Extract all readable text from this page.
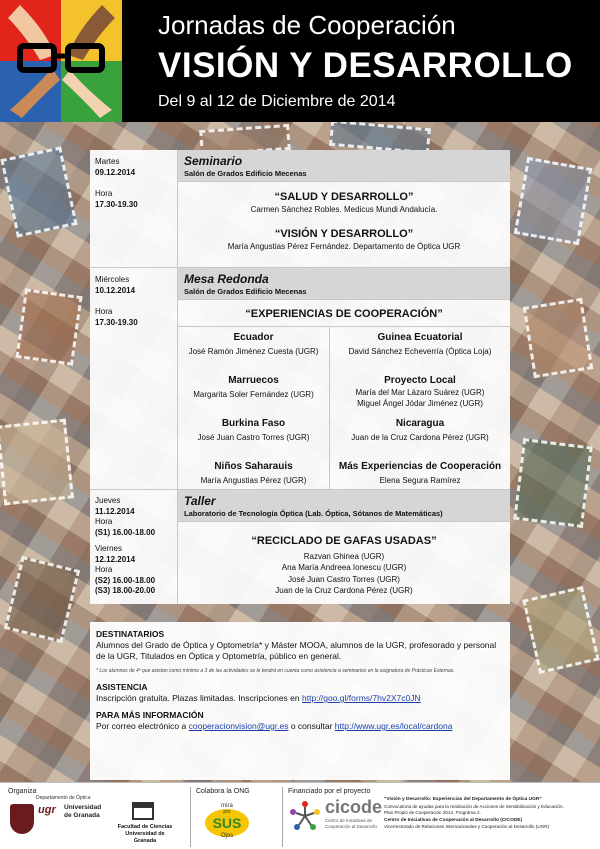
Jornadas de Cooperación
VISIÓN Y DESARROLLO
Del 9 al 12 de Diciembre de 2014
Martes
09.12.2014
Hora
17.30-19.30
Seminario
Salón de Grados Edificio Mecenas
“SALUD Y DESARROLLO”
Carmen Sánchez Robles. Medicus Mundi Andalucía.
“VISIÓN Y DESARROLLO”
María Angustias Pérez Fernández. Departamento de Óptica UGR
Miércoles
10.12.2014
Hora
17.30-19.30
Mesa Redonda
Salón de Grados Edificio Mecenas
“EXPERIENCIAS DE COOPERACIÓN”
Ecuador
José Ramón Jiménez Cuesta (UGR)
Guinea Ecuatorial
David Sánchez Echeverría (Óptica Loja)
Marruecos
Margarita Soler Fernández (UGR)
Proyecto Local
María del Mar Lázaro Suárez (UGR)
Miguel Ángel Jódar Jiménez (UGR)
Burkina Faso
José Juan Castro Torres (UGR)
Nicaragua
Juan de la Cruz Cardona Pérez (UGR)
Niños Saharauis
María Angustias Pérez (UGR)
Más Experiencias de Cooperación
Elena Segura Ramírez
Jueves
11.12.2014
Hora
(S1) 16.00-18.00
Viernes
12.12.2014
Hora
(S2) 16.00-18.00
(S3) 18.00-20.00
Taller
Laboratorio de Tecnología Óptica (Lab. Óptica, Sótanos de Matemáticas)
“RECICLADO DE GAFAS USADAS”
Razvan Ghinea (UGR)
Ana María Andreea Ionescu (UGR)
José Juan Castro Torres (UGR)
Juan de la Cruz Cardona Pérez (UGR)
DESTINATARIOS
Alumnos del Grado de Óptica y Optometría* y Máster MOOA, alumnos de la UGR, profesorado y personal de la UGR, Titulados en Óptica y Optometría, público en general.
* Los alumnos de 4º que asistan como mínimo a 3 de las actividades se le tendrá en cuenta como asistencia a seminarios en la asignatura de Prácticas Externas.
ASISTENCIA
Inscripción gratuita. Plazas limitadas. Inscripciones en http://goo.gl/forms/7hv2X7c0JN
PARA MÁS INFORMACIÓN
Por correo electrónico a cooperacionvision@ugr.es o consultar http://www.ugr.es/local/cardona
Organiza	Colabora la ONG	Financiado por el proyecto
Departamento de Óptica
ugr Universidad
de Granada
Facultad de Ciencias
Universidad de Granada
mira
por
SUS
Ojos
cicode
Centro de Iniciativas de Cooperación al Desarrollo
“Visión y Desarrollo: Experiencias del Departamento de Óptica UGR”
Convocatoria de ayudas para la realización de Acciones de Sensibilización y Educación.
Plan Propio de Cooperación 2014. Programa 2.
Centro de Iniciativas de Cooperación al Desarrollo (CICODE)
Vicerrectorado de Relaciones Internacionales y Cooperación al Desarrollo (UGR)
